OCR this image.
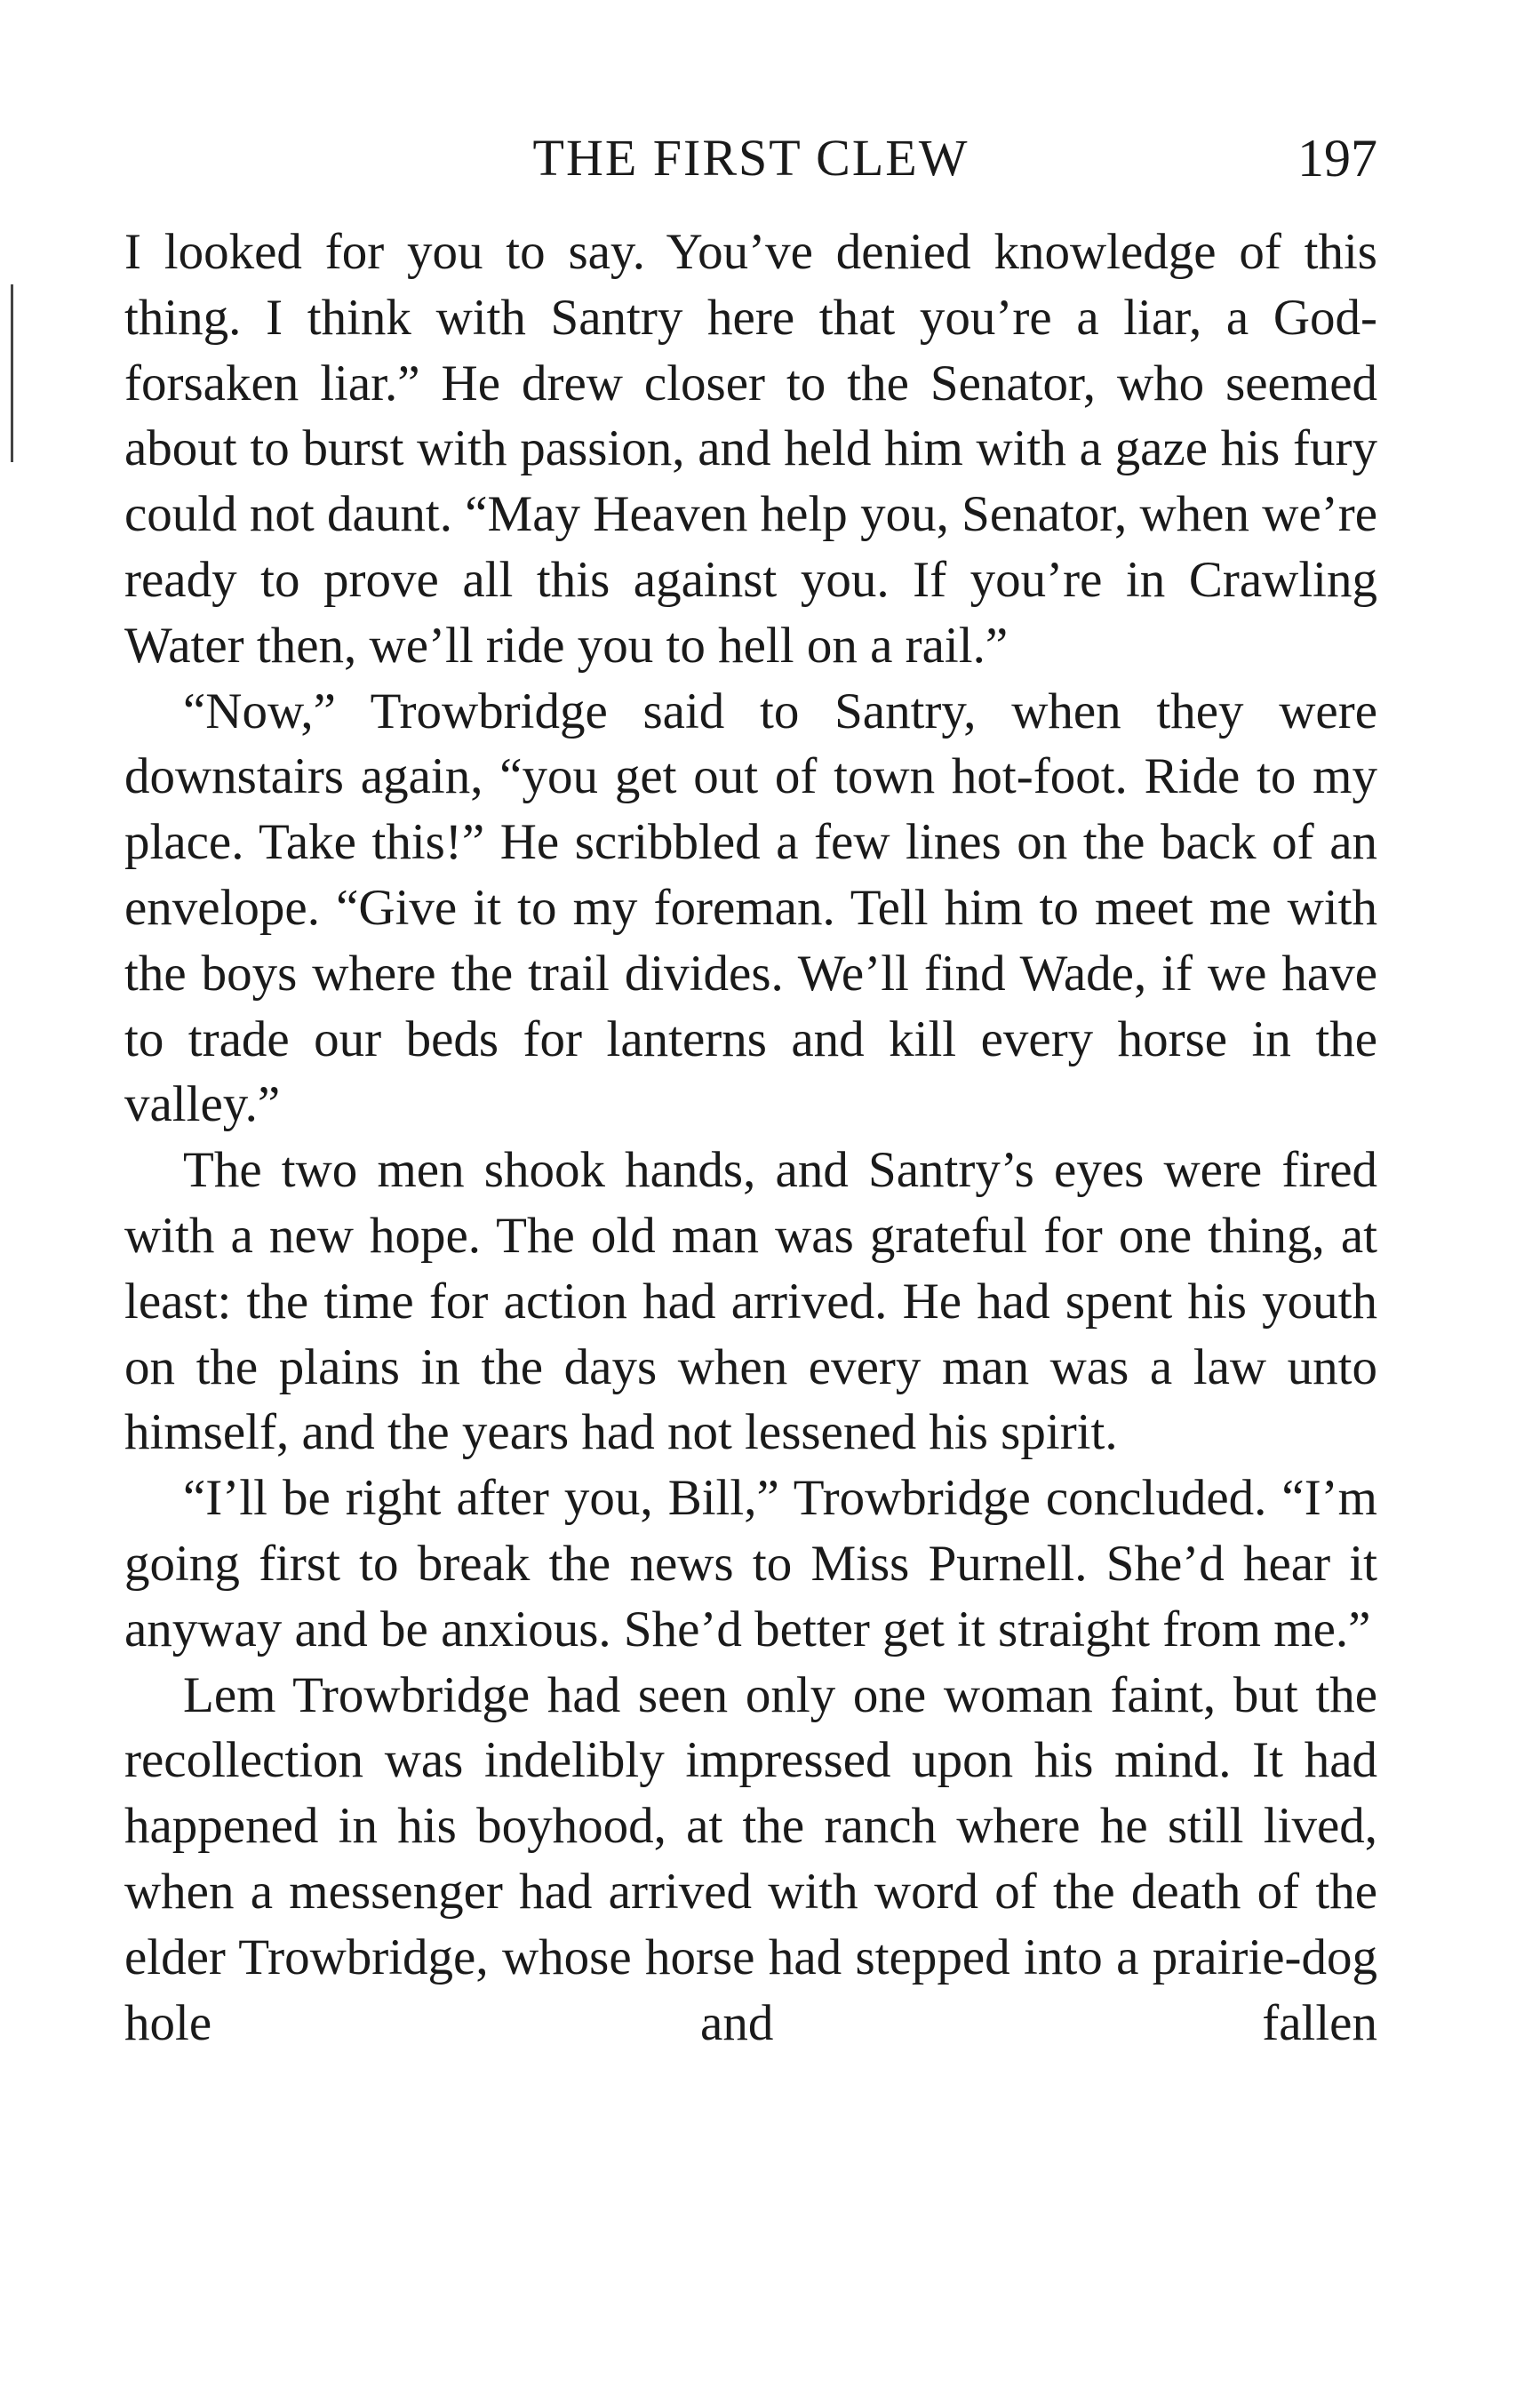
THE FIRST CLEW	197

I looked for you to say. You’ve denied knowledge of this thing. I think with Santry here that you’re a liar, a God-forsaken liar.” He drew closer to the Senator, who seemed about to burst with passion, and held him with a gaze his fury could not daunt. “May Heaven help you, Senator, when we’re ready to prove all this against you. If you’re in Crawling Water then, we’ll ride you to hell on a rail.”

“Now,” Trowbridge said to Santry, when they were downstairs again, “you get out of town hot-foot. Ride to my place. Take this!” He scribbled a few lines on the back of an envelope. “Give it to my foreman. Tell him to meet me with the boys where the trail divides. We’ll find Wade, if we have to trade our beds for lanterns and kill every horse in the valley.”

The two men shook hands, and Santry’s eyes were fired with a new hope. The old man was grateful for one thing, at least: the time for action had arrived. He had spent his youth on the plains in the days when every man was a law unto himself, and the years had not lessened his spirit.

“I’ll be right after you, Bill,” Trowbridge concluded. “I’m going first to break the news to Miss Purnell. She’d hear it anyway and be anxious. She’d better get it straight from me.”

Lem Trowbridge had seen only one woman faint, but the recollection was indelibly impressed upon his mind. It had happened in his boyhood, at the ranch where he still lived, when a messenger had arrived with word of the death of the elder Trowbridge, whose horse had stepped into a prairie-dog hole and fallen
